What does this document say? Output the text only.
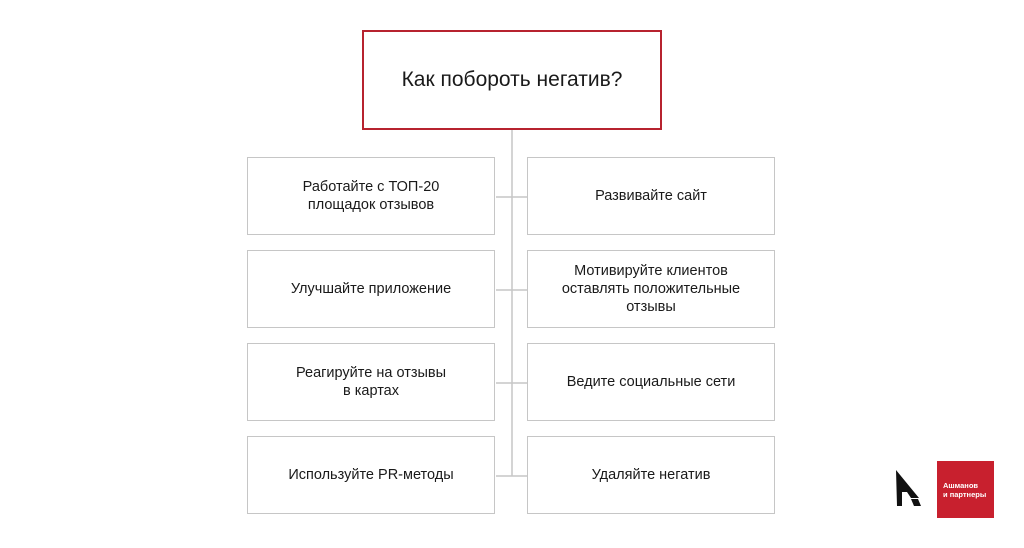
Как побороть негатив?
Работайте с ТОП-20
площадок отзывов
Развивайте сайт
Улучшайте приложение
Мотивируйте клиентов
оставлять положительные
отзывы
Реагируйте на отзывы
в картах
Ведите социальные сети
Используйте PR-методы	Удаляйте негатив
Ашманов
и партнеры
